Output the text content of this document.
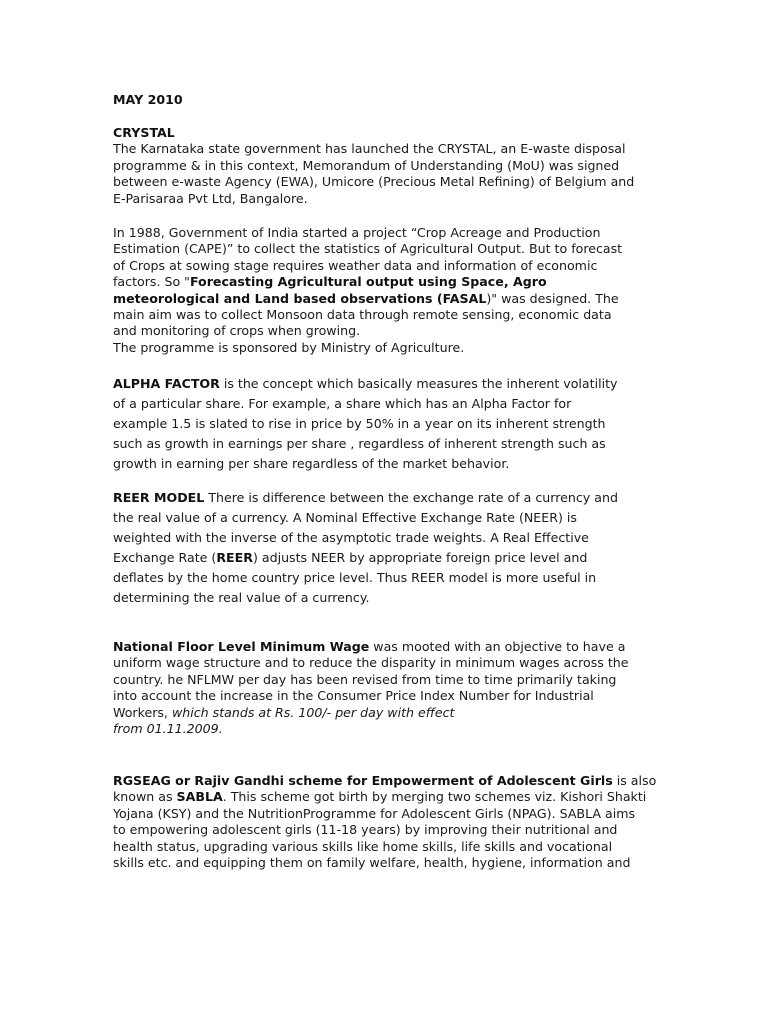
MAY 2010
CRYSTAL
The Karnataka state government has launched the CRYSTAL, an E-waste disposal
programme & in this context, Memorandum of Understanding (MoU) was signed
between e-waste Agency (EWA), Umicore (Precious Metal Refining) of Belgium and
E-Parisaraa Pvt Ltd, Bangalore.
In 1988, Government of India started a project “Crop Acreage and Production
Estimation (CAPE)” to collect the statistics of Agricultural Output. But to forecast
of Crops at sowing stage requires weather data and information of economic
factors. So "Forecasting Agricultural output using Space, Agro
meteorological and Land based observations (FASAL)" was designed. The
main aim was to collect Monsoon data through remote sensing, economic data
and monitoring of crops when growing.
The programme is sponsored by Ministry of Agriculture.
ALPHA FACTOR is the concept which basically measures the inherent volatility
of a particular share. For example, a share which has an Alpha Factor for
example 1.5 is slated to rise in price by 50% in a year on its inherent strength
such as growth in earnings per share , regardless of inherent strength such as
growth in earning per share regardless of the market behavior.
REER MODEL There is difference between the exchange rate of a currency and
the real value of a currency. A Nominal Effective Exchange Rate (NEER) is
weighted with the inverse of the asymptotic trade weights. A Real Effective
Exchange Rate (REER) adjusts NEER by appropriate foreign price level and
deflates by the home country price level. Thus REER model is more useful in
determining the real value of a currency.
National Floor Level Minimum Wage was mooted with an objective to have a
uniform wage structure and to reduce the disparity in minimum wages across the
country. he NFLMW per day has been revised from time to time primarily taking
into account the increase in the Consumer Price Index Number for Industrial
Workers, which stands at Rs. 100/- per day with effect
from 01.11.2009.
RGSEAG or Rajiv Gandhi scheme for Empowerment of Adolescent Girls is also
known as SABLA. This scheme got birth by merging two schemes viz. Kishori Shakti
Yojana (KSY) and the NutritionProgramme for Adolescent Girls (NPAG). SABLA aims
to empowering adolescent girls (11-18 years) by improving their nutritional and
health status, upgrading various skills like home skills, life skills and vocational
skills etc. and equipping them on family welfare, health, hygiene, information and
